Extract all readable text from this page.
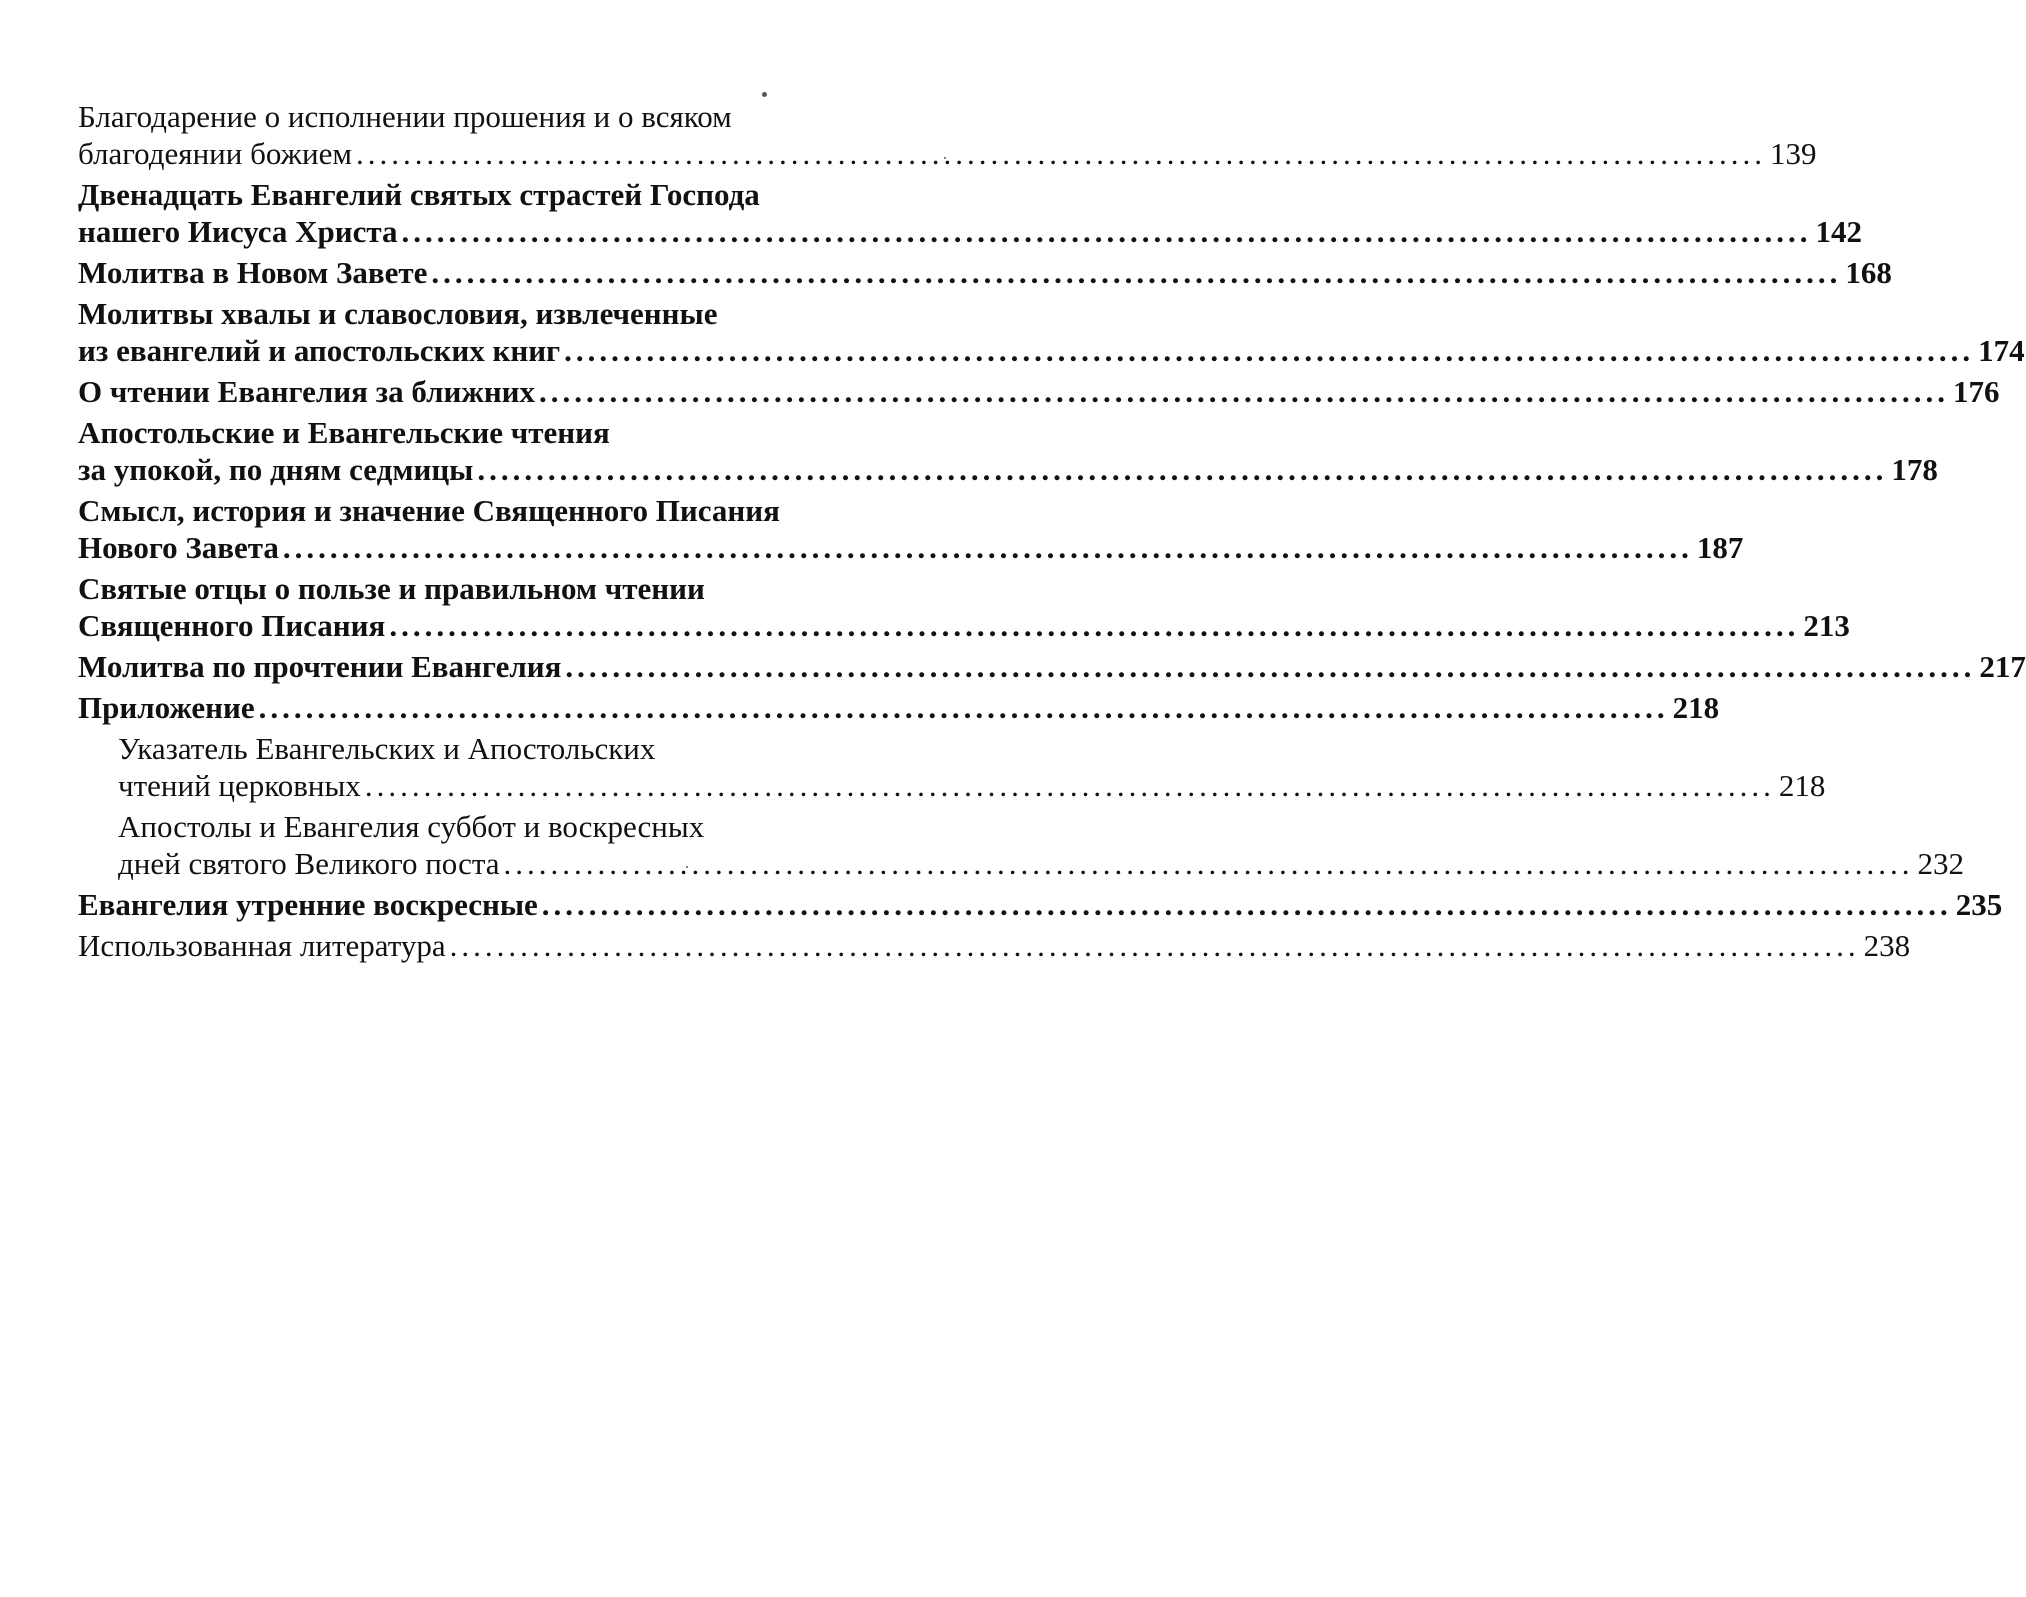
Благодарение о исполнении прошения и о всяком
благодеянии божием ........................................................................................................................ 139
Двенадцать Евангелий святых страстей Господа
нашего Иисуса Христа ........................................................................................................................ 142
Молитва в Новом Завете ........................................................................................................................ 168
Молитвы хвалы и славословия, извлеченные
из евангелий и апостольских книг ........................................................................................................................ 174
О чтении Евангелия за ближних ........................................................................................................................ 176
Апостольские и Евангельские чтения
за упокой, по дням седмицы ........................................................................................................................ 178
Смысл, история и значение Священного Писания
Нового Завета ........................................................................................................................ 187
Святые отцы о пользе и правильном чтении
Священного Писания ........................................................................................................................ 213
Молитва по прочтении Евангелия ........................................................................................................................ 217
Приложение ........................................................................................................................ 218
Указатель Евангельских и Апостольских
чтений церковных ........................................................................................................................ 218
Апостолы и Евангелия суббот и воскресных
дней святого Великого поста ........................................................................................................................ 232
Евангелия утренние воскресные ........................................................................................................................ 235
Использованная литература ........................................................................................................................ 238
